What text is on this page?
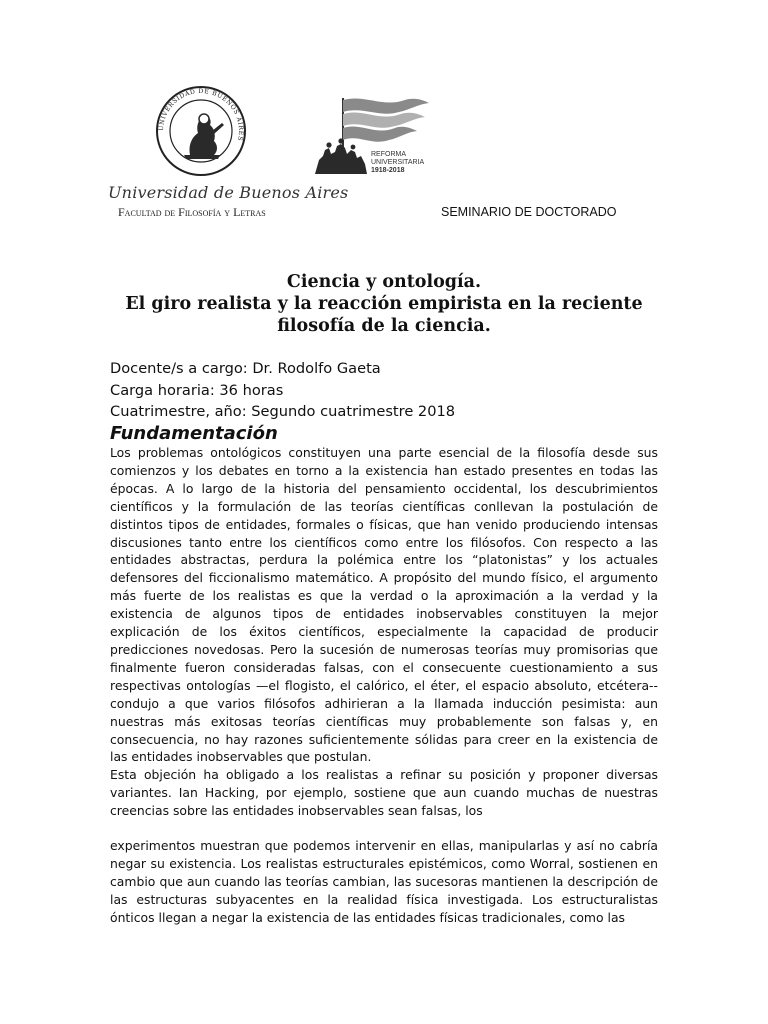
UNIVERSIDAD DE BUENOS AIRES
REFORMA
UNIVERSITARIA
1918-2018
Universidad de Buenos Aires
Facultad de Filosofía y Letras	SEMINARIO DE DOCTORADO
Ciencia y ontología.
El giro realista y la reacción empirista en la reciente
filosofía de la ciencia.
Docente/s a cargo: Dr. Rodolfo Gaeta
Carga horaria: 36 horas
Cuatrimestre, año: Segundo cuatrimestre 2018
Fundamentación

Los problemas ontológicos constituyen una parte esencial de la filosofía desde sus comienzos y los debates en torno a la existencia han estado presentes en todas las épocas. A lo largo de la historia del pensamiento occidental, los descubrimientos científicos y la formulación de las teorías científicas conllevan la postulación de distintos tipos de entidades, formales o físicas, que han venido produciendo intensas discusiones tanto entre los científicos como entre los filósofos. Con respecto a las entidades abstractas, perdura la polémica entre los “platonistas” y los actuales defensores del ficcionalismo matemático. A propósito del mundo físico, el argumento más fuerte de los realistas es que la verdad o la aproximación a la verdad y la existencia de algunos tipos de entidades inobservables constituyen la mejor explicación de los éxitos científicos, especialmente la capacidad de producir predicciones novedosas. Pero la sucesión de numerosas teorías muy promisorias que finalmente fueron consideradas falsas, con el consecuente cuestionamiento a sus respectivas ontologías —el flogisto, el calórico, el éter, el espacio absoluto, etcétera-- condujo a que varios filósofos adhirieran a la llamada inducción pesimista: aun nuestras más exitosas teorías científicas muy probablemente son falsas y, en consecuencia, no hay razones suficientemente sólidas para creer en la existencia de las entidades inobservables que postulan.

Esta objeción ha obligado a los realistas a refinar su posición y proponer diversas variantes. Ian Hacking, por ejemplo, sostiene que aun cuando muchas de nuestras creencias sobre las entidades inobservables sean falsas, los

experimentos muestran que podemos intervenir en ellas, manipularlas y así no cabría negar su existencia. Los realistas estructurales epistémicos, como Worral, sostienen en cambio que aun cuando las teorías cambian, las sucesoras mantienen la descripción de las estructuras subyacentes en la realidad física investigada. Los estructuralistas ónticos llegan a negar la existencia de las entidades físicas tradicionales, como las
